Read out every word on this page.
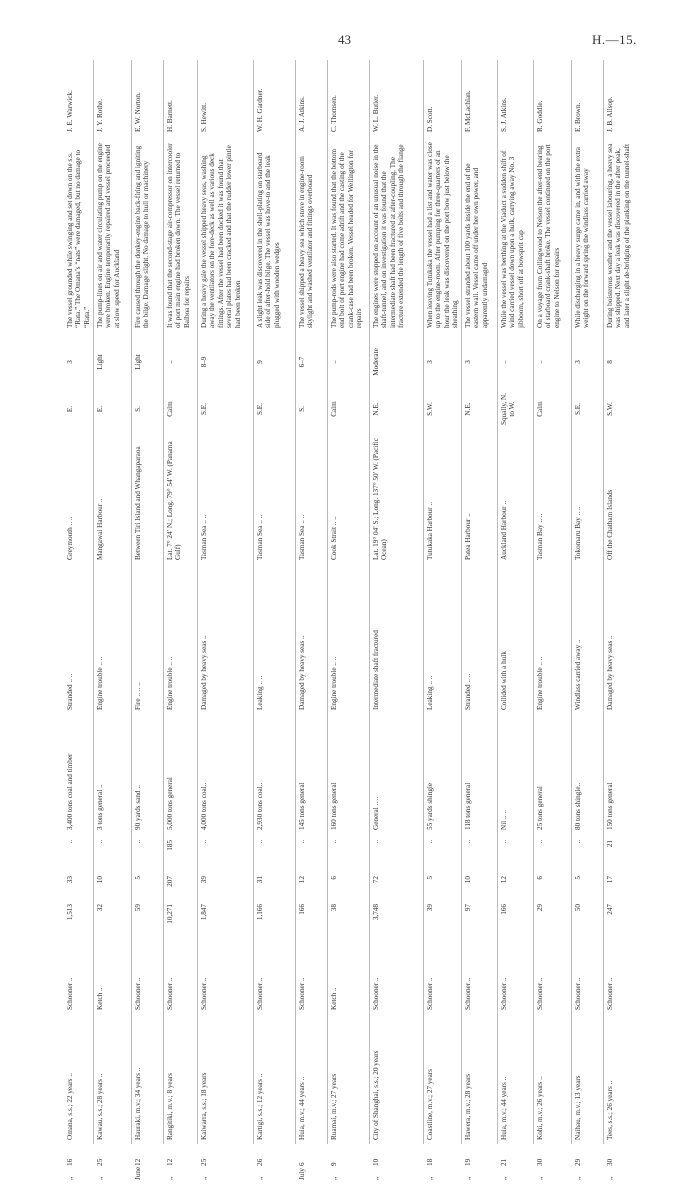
43	H.—15.
,,
16
Omana, s.s.; 22 years ..
Schooner ..
1,513
33
..
3,400 tons coal and timber
Stranded .. ..
Greymouth .. ..
E.
3
The vessel grounded while swinging and set down on the s.s. “Rata.” The Omana’s “nats” were damaged, but no damage to “Rata.”
J. E. Warwick.
,,
25
Kawau, s.s.; 28 years ..
Ketch ..
32
10
..
3 tons general ..
Engine trouble .. ..
Mangawai Harbour ..
E.
Light
The pump-lines on air and water circulating pump on the engine were broken. Engine temporarily repaired and vessel proceeded at slow speed for Auckland
J. Y. Rothe.
June
12
Hauraki, m.v.; 34 years ..
Schooner ..
59
5
..
90 yards sand ..
Fire .. .. ..
Between Tiri Island and Whangaparaoa
S.
Light
Fire caused through the donkey-engine back-firing and igniting the bilge. Damage slight. No damage to hull or machinery
E. W. Norton.
,,
12
Rangitiki, m.v.; 8 years
Schooner ..
10,271
207
185
5,000 tons general
Engine trouble .. ..
Lat. 7° 24′ N.; Long. 79° 54′ W. (Panama Gulf)
Calm
..
It was found that the second-stage air-compressor on intercooler of port main engine had broken down. The vessel returned to Balboa for repairs
H. Barnett.
,,
25
Kaiwarra, s.s.; 18 years
Schooner ..
1,847
39
..
4,000 tons coal..
Damaged by heavy seas ..
Tasman Sea .. ..
S.E.
8–9
During a heavy gale the vessel shipped heavy seas, washing away the ventilators on the fore-deck as well as various deck fittings. After the vessel had been docked it was found that several plates had been cracked and that the rudder lower pintle had been broken
S. Hewitt.
,,
26
Kartigi, s.s.; 12 years ..
Schooner ..
1,166
31
..
2,930 tons coal..
Leaking .. ..
Tasman Sea .. ..
S.E.
9
A slight leak was discovered in the shell-plating on starboard side of after-hold bilge. The vessel was hove-to and the leak plugged with wooden wedges
W. H. Gardner.
July
6
Huia, m.v.; 44 years ..
Schooner ..
166
12
..
145 tons general
Damaged by heavy seas ..
Tasman Sea .. ..
S.
6–7
The vessel shipped a heavy sea which stove in engine-room skylight and washed ventilator and fittings overboard
A. J. Atkins.
,,
9
Ruamai, m.v.; 27 years
Ketch ..
38
6
..
160 tons general
Engine trouble .. ..
Cook Strait .. ..
Calm
..
The pump-rods were also started. It was found that the bottom end bolt of port engine had come adrift and the casting of the crank-case had been broken. Vessel headed for Wellington for repairs
C. Thomsen.
,,
10
City of Shanghai, s.s.; 20 years
Schooner ..
3,748
72
..
General .. ..
Intermediate shaft fractured
Lat. 19° 04′ S.; Long. 137° 50′ W. (Pacific Ocean)
N.E.
Moderate
The engines were stopped on account of an unusual noise in the shaft-tunnel, and on investigation it was found that the intermediate shaft had been fractured at after-coupling. The fracture extended the length of five bolts and through the flange
W. L. Butler.
,,
18
Coastline, m.v.; 27 years
Schooner ..
39
5
..
55 yards shingle
Leaking .. ..
Tutukaka Harbour ..
S.W.
3
When leaving Tutukaka the vessel had a list and water was close up to the engine-room. After pumping for three-quarters of an hour the leak was discovered on the port bow just below the sheathing
D. Scott.
,,
19
Hawera, m.v.; 28 years
Schooner ..
97
10
..
118 tons general
Stranded .. ..
Patea Harbour ..
N.E.
3
The vessel stranded about 100 yards inside the end of the eastern wall. Vessel came off under her own power, and apparently undamaged
F. McLachlan.
,,
21
Huia, m.v.; 44 years ..
Schooner ..
166
12
..
Nil .. ..
Collided with a hulk
Auckland Harbour ..
Squally, N. to W.
..
While the vessel was berthing at the Viaduct a sudden shift of wind carried vessel down upon a hulk, carrying away No. 3 jibboom, short off at bowsprit cap
S. J. Atkins.
,,
30
Kohi, m.v.; 26 years ..
Schooner ..
29
6
..
25 tons general
Engine trouble .. ..
Tasman Bay .. ..
Calm
..
On a voyage from Collingwood to Nelson the after-end bearing of starboard crank-shaft broke. The vessel continued on the port engine to Nelson for repairs
R. Goddle.
,,
29
Naihau, m.v.; 13 years
Schooner ..
50
5
..
80 tons shingle..
Windlass carried away ..
Tokomaru Bay .. ..
S.E.
3
While discharging in a heavy surge came in, and with the extra weight on the forward spring the windlass carried away
E. Brown.
,,
30
Tees, s.s.; 26 years ..
Schooner ..
247
17
21
150 tons general
Damaged by heavy seas ..
Off the Chatham Islands
S.W.
8
During boisterous weather and the vessel labouring, a heavy sea was shipped. Next day a leak was discovered in the after peak, and later a slight de-bridging of the planking on the tunnel-shaft
J. B. Allsop.
